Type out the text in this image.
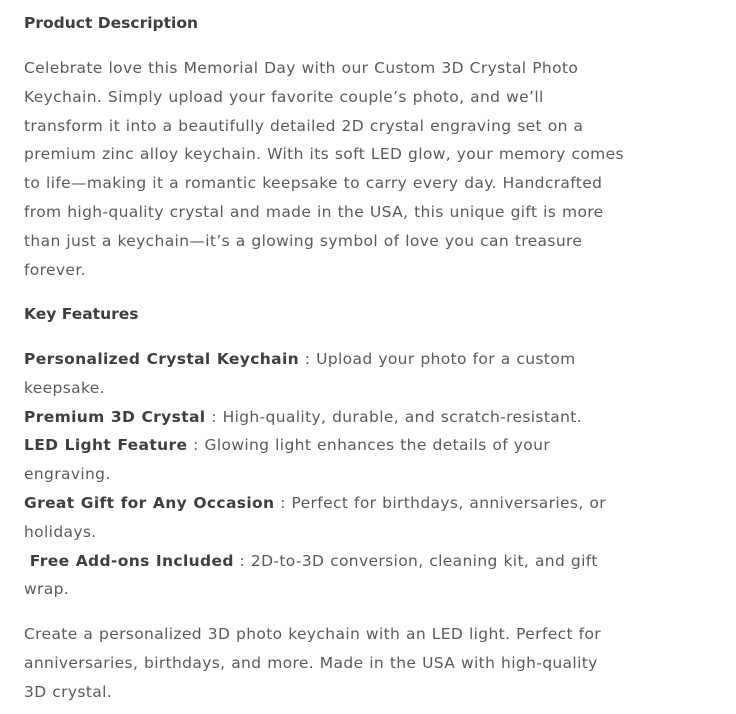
Product Description

Celebrate love this Memorial Day with our Custom 3D Crystal Photo Keychain. Simply upload your favorite couple’s photo, and we’ll transform it into a beautifully detailed 2D crystal engraving set on a premium zinc alloy keychain. With its soft LED glow, your memory comes to life—making it a romantic keepsake to carry every day. Handcrafted from high-quality crystal and made in the USA, this unique gift is more than just a keychain—it’s a glowing symbol of love you can treasure forever.

Key Features
Personalized Crystal Keychain : Upload your photo for a custom keepsake.
Premium 3D Crystal : High-quality, durable, and scratch-resistant.
LED Light Feature : Glowing light enhances the details of your engraving.
Great Gift for Any Occasion : Perfect for birthdays, anniversaries, or holidays.
Free Add-ons Included : 2D-to-3D conversion, cleaning kit, and gift wrap.

Create a personalized 3D photo keychain with an LED light. Perfect for anniversaries, birthdays, and more. Made in the USA with high-quality 3D crystal.
